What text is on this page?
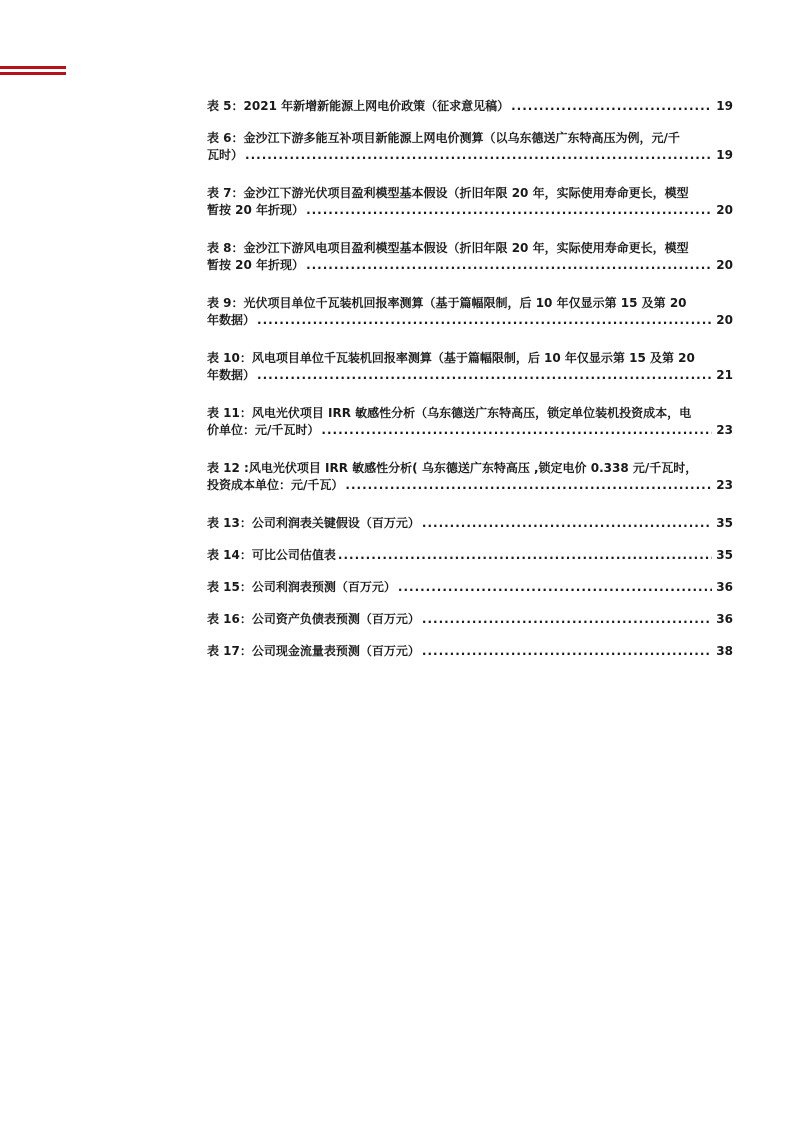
表 5：2021 年新增新能源上网电价政策（征求意见稿） .....	19
表 6：金沙江下游多能互补项目新能源上网电价测算（以乌东德送广东特高压为例，元/千
瓦时） .....	19
表 7：金沙江下游光伏项目盈利模型基本假设（折旧年限 20 年，实际使用寿命更长，模型
暂按 20 年折现） .....	20
表 8：金沙江下游风电项目盈利模型基本假设（折旧年限 20 年，实际使用寿命更长，模型
暂按 20 年折现） .....	20
表 9：光伏项目单位千瓦装机回报率测算（基于篇幅限制，后 10 年仅显示第 15 及第 20
年数据） .....	20
表 10：风电项目单位千瓦装机回报率测算（基于篇幅限制，后 10 年仅显示第 15 及第 20
年数据） .....	21
表 11：风电光伏项目 IRR 敏感性分析（乌东德送广东特高压，锁定单位装机投资成本，电
价单位：元/千瓦时） .....	23
表 12 :风电光伏项目 IRR 敏感性分析( 乌东德送广东特高压 ,锁定电价 0.338 元/千瓦时，
投资成本单位：元/千瓦） .....	23
表 13：公司利润表关键假设（百万元） .....	35
表 14：可比公司估值表 .....	35
表 15：公司利润表预测（百万元） .....	36
表 16：公司资产负债表预测（百万元） .....	36
表 17：公司现金流量表预测（百万元） .....	38
